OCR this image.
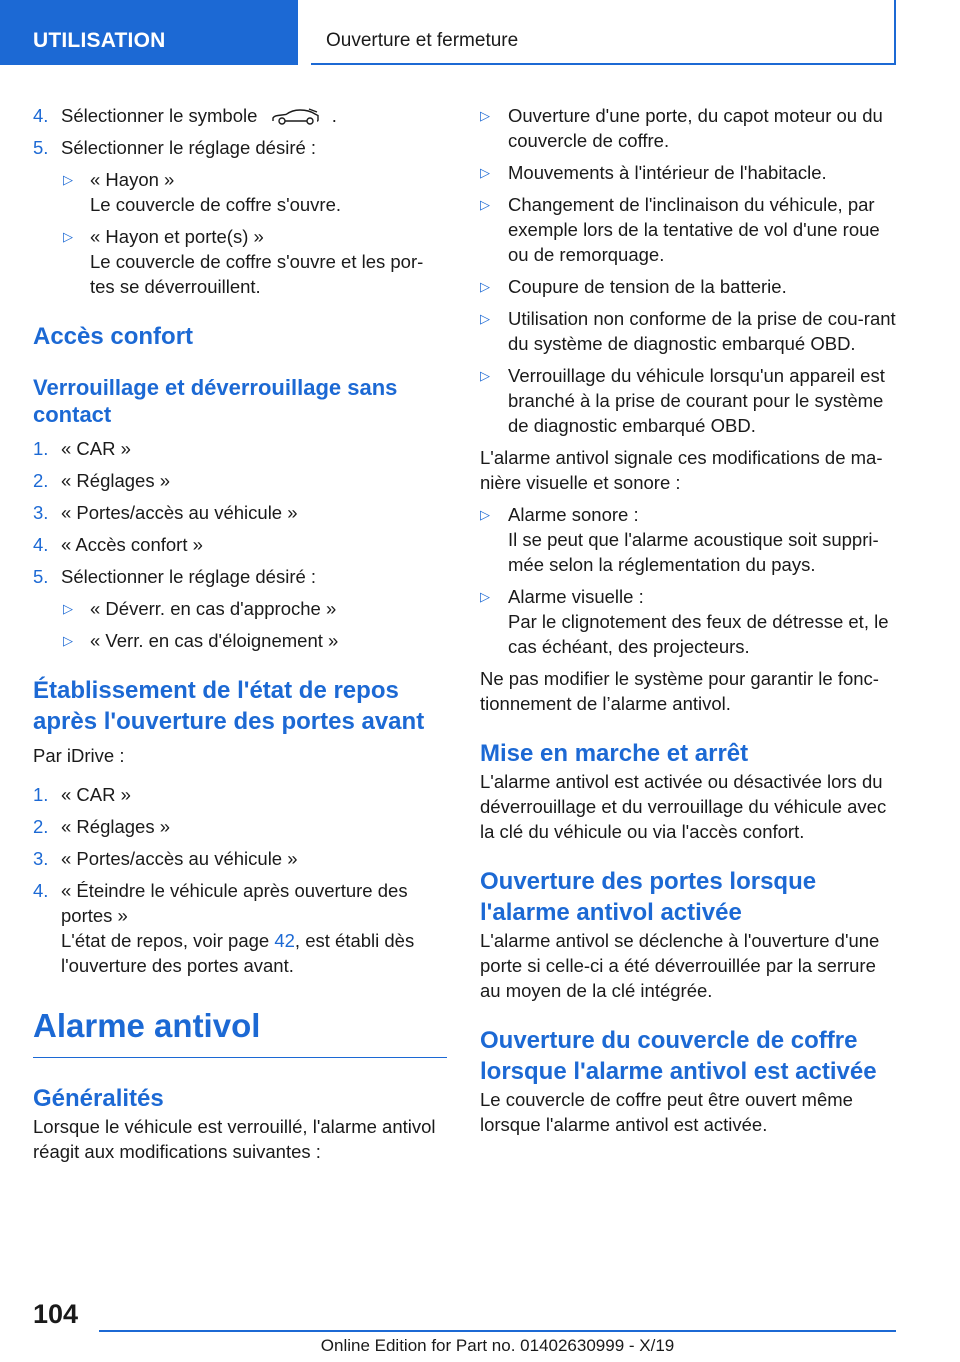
UTILISATION	Ouverture et fermeture
4. Sélectionner le symbole	.
5. Sélectionner le réglage désiré :
▷ « Hayon »

Le couvercle de coffre s'ouvre.

▷ « Hayon et porte(s) »

Le couvercle de coffre s'ouvre et les por‐tes se déverrouillent.

Accès confort
Verrouillage et déverrouillage sans contact
1. « CAR »
2. « Réglages »
3. « Portes/accès au véhicule »
4. « Accès confort »
5. Sélectionner le réglage désiré :
▷ « Déverr. en cas d'approche »
▷ « Verr. en cas d'éloignement »
Établissement de l'état de repos après l'ouverture des portes avant

Par iDrive :

1. « CAR »
2. « Réglages »
3. « Portes/accès au véhicule »
4. « Éteindre le véhicule après ouverture des portes »

L'état de repos, voir page 42, est établi dès l'ouverture des portes avant.

Alarme antivol
Généralités

Lorsque le véhicule est verrouillé, l'alarme antivol réagit aux modifications suivantes :

▷ Ouverture d'une porte, du capot moteur ou du couvercle de coffre.
▷ Mouvements à l'intérieur de l'habitacle.
▷ Changement de l'inclinaison du véhicule, par exemple lors de la tentative de vol d'une roue ou de remorquage.
▷ Coupure de tension de la batterie.
▷ Utilisation non conforme de la prise de cou‐rant du système de diagnostic embarqué OBD.
▷ Verrouillage du véhicule lorsqu'un appareil est branché à la prise de courant pour le système de diagnostic embarqué OBD.

L'alarme antivol signale ces modifications de ma‐nière visuelle et sonore :

▷ Alarme sonore :

Il se peut que l'alarme acoustique soit suppri‐mée selon la réglementation du pays.

▷ Alarme visuelle :

Par le clignotement des feux de détresse et, le cas échéant, des projecteurs.

Ne pas modifier le système pour garantir le fonc‐tionnement de l’alarme antivol.

Mise en marche et arrêt

L'alarme antivol est activée ou désactivée lors du déverrouillage et du verrouillage du véhicule avec la clé du véhicule ou via l'accès confort.

Ouverture des portes lorsque l'alarme antivol activée

L'alarme antivol se déclenche à l'ouverture d'une porte si celle-ci a été déverrouillée par la serrure au moyen de la clé intégrée.

Ouverture du couvercle de coffre lorsque l'alarme antivol est activée

Le couvercle de coffre peut être ouvert même lorsque l'alarme antivol est activée.

104
Online Edition for Part no. 01402630999 - X/19
